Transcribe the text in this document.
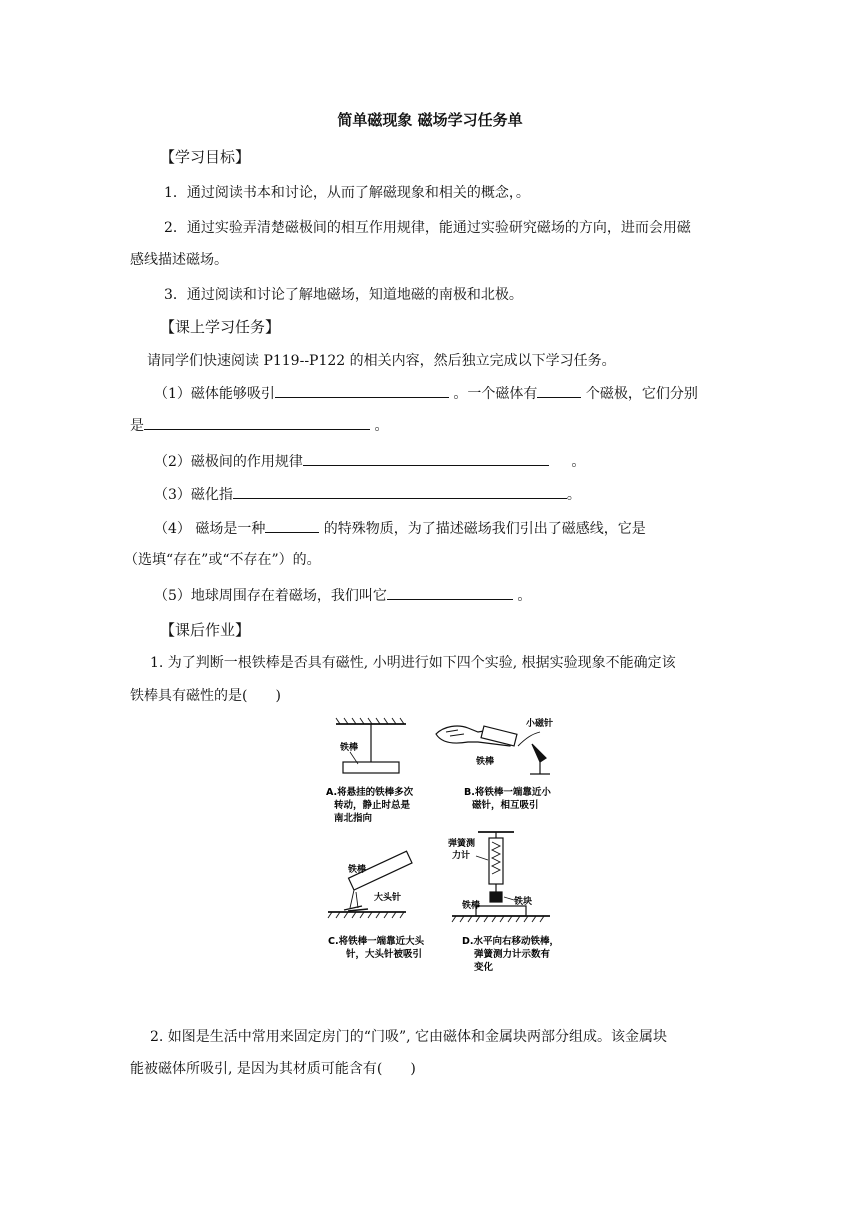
简单磁现象 磁场学习任务单
【学习目标】
1．通过阅读书本和讨论，从而了解磁现象和相关的概念，。
2．通过实验弄清楚磁极间的相互作用规律，能通过实验研究磁场的方向，进而会用磁
感线描述磁场。
3．通过阅读和讨论了解地磁场，知道地磁的南极和北极。
【课上学习任务】
请同学们快速阅读 P119--P122 的相关内容，然后独立完成以下学习任务。
（1）磁体能够吸引	。一个磁体有	个磁极，它们分别
是	。
（2）磁极间的作用规律	。
（3）磁化指	。
（4） 磁场是一种	的特殊物质，为了描述磁场我们引出了磁感线，它是
（选填“存在”或“不存在”）的。
（5）地球周围存在着磁场，我们叫它	。
【课后作业】
1. 为了判断一根铁棒是否具有磁性, 小明进行如下四个实验, 根据实验现象不能确定该
铁棒具有磁性的是(　　)
铁棒
A.将悬挂的铁棒多次
转动，静止时总是
南北指向
小磁针
铁棒
B.将铁棒一端靠近小
磁针，相互吸引
铁棒
大头针
C.将铁棒一端靠近大头
针，大头针被吸引
弹簧测
力计
铁块
铁棒
D.水平向右移动铁棒，
弹簧测力计示数有
变化
2. 如图是生活中常用来固定房门的“门吸”, 它由磁体和金属块两部分组成。该金属块
能被磁体所吸引, 是因为其材质可能含有(　　)
